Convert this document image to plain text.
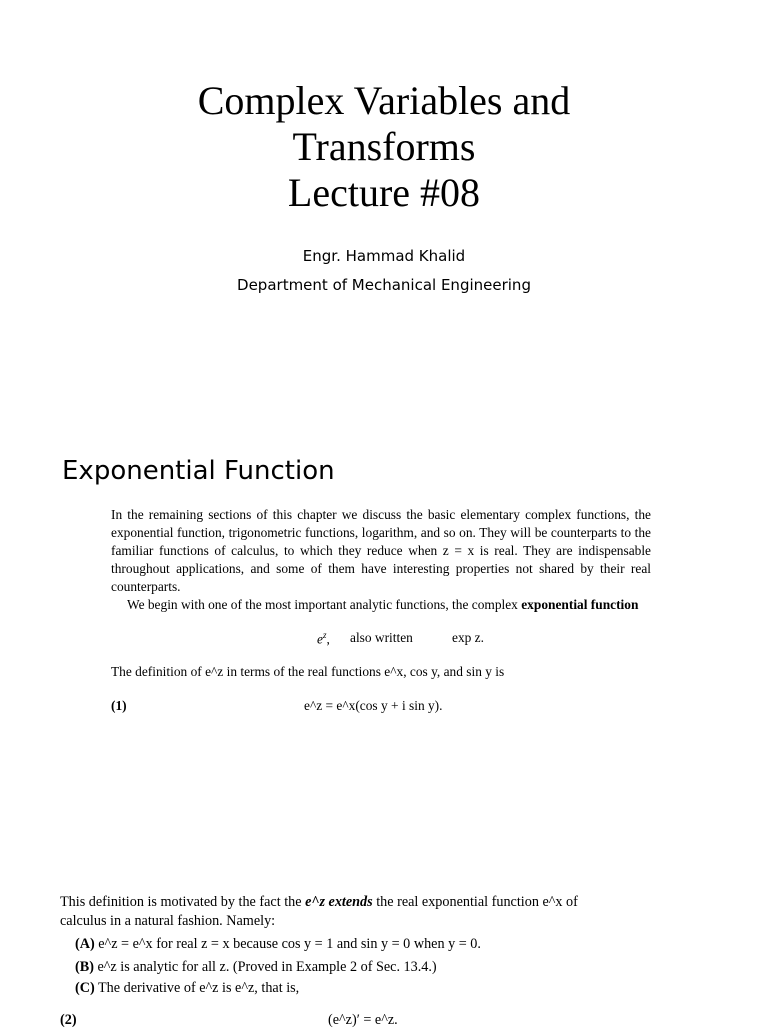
Complex Variables and
Transforms
Lecture #08
Engr. Hammad Khalid
Department of Mechanical Engineering
Exponential Function
In the remaining sections of this chapter we discuss the basic elementary complex functions, the exponential function, trigonometric functions, logarithm, and so on. They will be counterparts to the familiar functions of calculus, to which they reduce when z = x is real. They are indispensable throughout applications, and some of them have interesting properties not shared by their real counterparts.
We begin with one of the most important analytic functions, the complex exponential function
$e^z$, also written	exp z.
The definition of e^z in terms of the real functions e^x, cos y, and sin y is
(1)	e^z = e^x(cos y + i sin y).
This definition is motivated by the fact the e^z extends the real exponential function e^x of calculus in a natural fashion. Namely:
(A) e^z = e^x for real z = x because cos y = 1 and sin y = 0 when y = 0.
(B) e^z is analytic for all z. (Proved in Example 2 of Sec. 13.4.)
(C) The derivative of e^z is e^z, that is,
(2)	(e^z)′ = e^z.
